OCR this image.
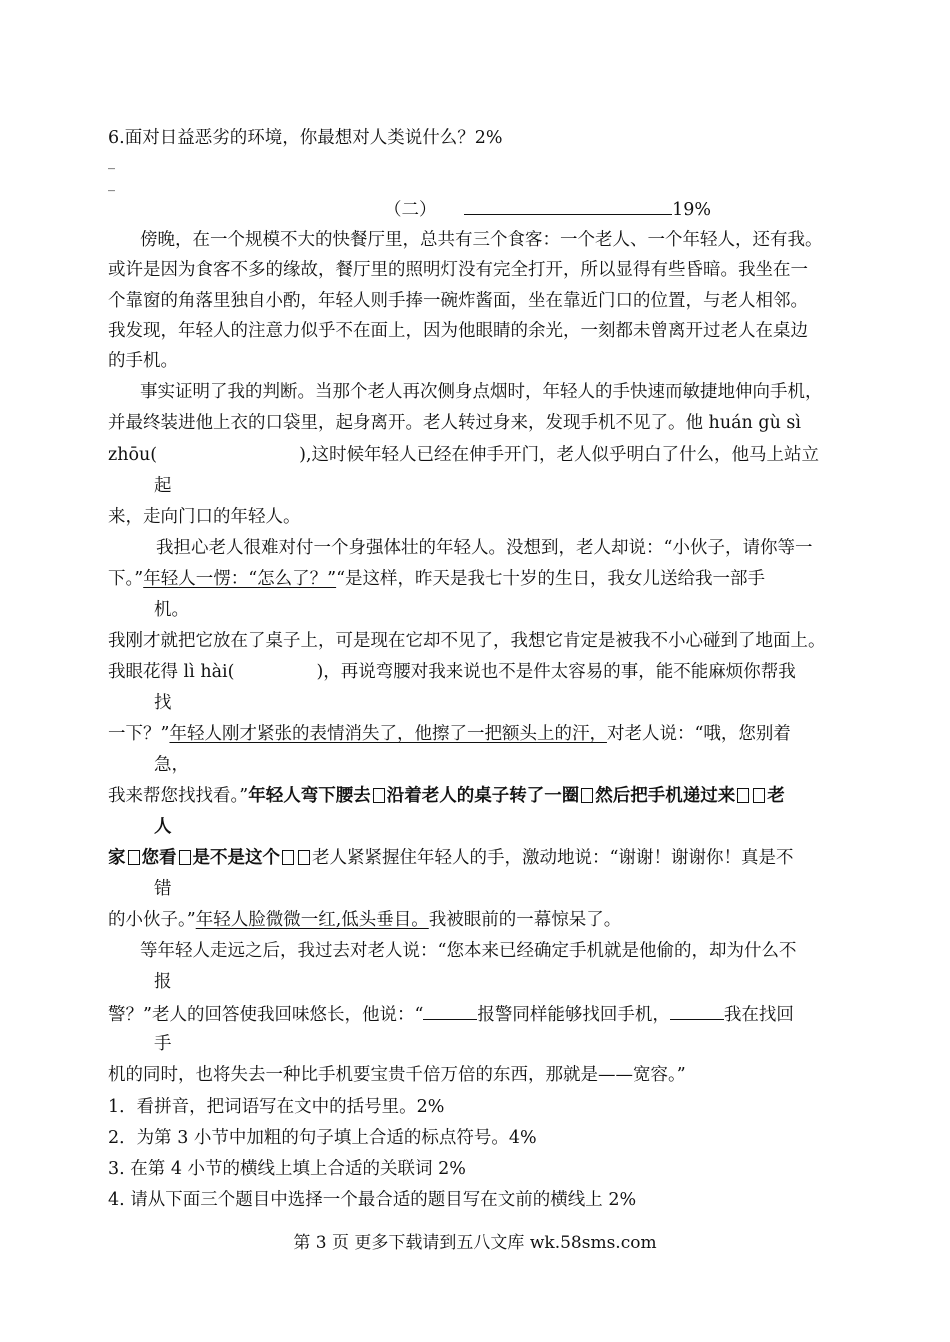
6.面对日益恶劣的环境，你最想对人类说什么？2%
_
_
（二）	19%
傍晚，在一个规模不大的快餐厅里，总共有三个食客：一个老人、一个年轻人，还有我。
或许是因为食客不多的缘故，餐厅里的照明灯没有完全打开，所以显得有些昏暗。我坐在一
个靠窗的角落里独自小酌，年轻人则手捧一碗炸酱面，坐在靠近门口的位置，与老人相邻。
我发现，年轻人的注意力似乎不在面上，因为他眼睛的余光，一刻都未曾离开过老人在桌边
的手机。
事实证明了我的判断。当那个老人再次侧身点烟时，年轻人的手快速而敏捷地伸向手机，
并最终装进他上衣的口袋里，起身离开。老人转过身来，发现手机不见了。他 huán gù sì
zhōu(	),这时候年轻人已经在伸手开门，老人似乎明白了什么，他马上站立
起
来，走向门口的年轻人。
我担心老人很难对付一个身强体壮的年轻人。没想到，老人却说：“小伙子，请你等一
下。”年轻人一愣：“怎么了？”“是这样，昨天是我七十岁的生日，我女儿送给我一部手
机。
我刚才就把它放在了桌子上，可是现在它却不见了，我想它肯定是被我不小心碰到了地面上。
我眼花得 lì hài(	)，再说弯腰对我来说也不是件太容易的事，能不能麻烦你帮我
找
一下？”年轻人刚才紧张的表情消失了，他擦了一把额头上的汗，对老人说：“哦，您别着
急，
我来帮您找找看。”年轻人弯下腰去 沿着老人的桌子转了一圈 然后把手机递过来 老
人
家 您看 是不是这个 老人紧紧握住年轻人的手，激动地说：“谢谢！谢谢你！真是不
错
的小伙子。”年轻人脸微微一红,低头垂目。我被眼前的一幕惊呆了。
等年轻人走远之后，我过去对老人说：“您本来已经确定手机就是他偷的，却为什么不
报
警？”老人的回答使我回味悠长，他说：“	报警同样能够找回手机，	我在找回
手
机的同时，也将失去一种比手机要宝贵千倍万倍的东西，那就是——宽容。”
1．看拼音，把词语写在文中的括号里。2%
2．为第 3 小节中加粗的句子填上合适的标点符号。4%
3. 在第 4 小节的横线上填上合适的关联词 2%
4. 请从下面三个题目中选择一个最合适的题目写在文前的横线上 2%
第 3 页 更多下载请到五八文库 wk.58sms.com
